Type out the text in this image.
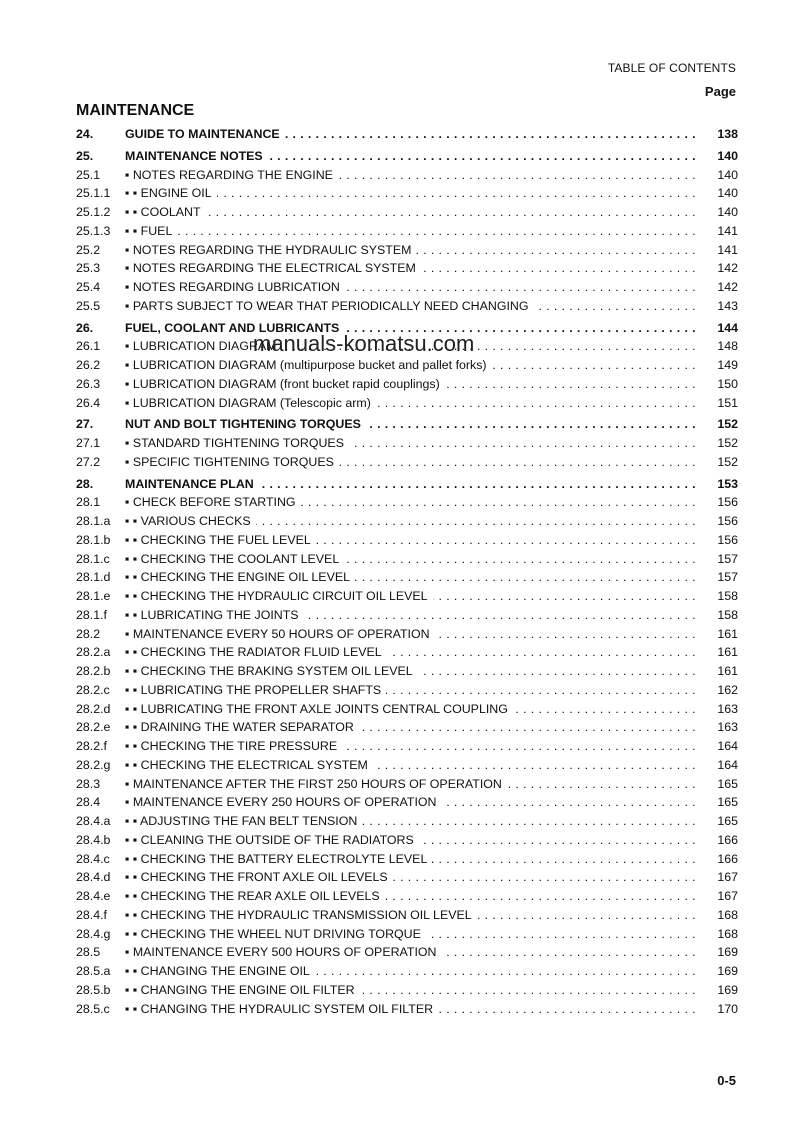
TABLE OF CONTENTS
Page
MAINTENANCE
24.	GUIDE TO MAINTENANCE . . .	138
25.	MAINTENANCE NOTES . . .	140
25.1	▪ NOTES REGARDING THE ENGINE . . .	140
25.1.1	▪ ▪ ENGINE OIL . . .	140
25.1.2	▪ ▪ COOLANT . . .	140
25.1.3	▪ ▪ FUEL . . .	141
25.2	▪ NOTES REGARDING THE HYDRAULIC SYSTEM . . .	141
25.3	▪ NOTES REGARDING THE ELECTRICAL SYSTEM . . .	142
25.4	▪ NOTES REGARDING LUBRICATION . . .	142
25.5	▪ PARTS SUBJECT TO WEAR THAT PERIODICALLY NEED CHANGING . . .	143
26.	FUEL, COOLANT AND LUBRICANTS . . .	144
26.1	▪ LUBRICATION DIAGRAM . . .	148
26.2	▪ LUBRICATION DIAGRAM (multipurpose bucket and pallet forks) . . .	149
26.3	▪ LUBRICATION DIAGRAM (front bucket rapid couplings) . . .	150
26.4	▪ LUBRICATION DIAGRAM (Telescopic arm) . . .	151
27.	NUT AND BOLT TIGHTENING TORQUES . . .	152
27.1	▪ STANDARD TIGHTENING TORQUES . . .	152
27.2	▪ SPECIFIC TIGHTENING TORQUES . . .	152
28.	MAINTENANCE PLAN . . .	153
28.1	▪ CHECK BEFORE STARTING . . .	156
28.1.a	▪ ▪ VARIOUS CHECKS . . .	156
28.1.b	▪ ▪ CHECKING THE FUEL LEVEL . . .	156
28.1.c	▪ ▪ CHECKING THE COOLANT LEVEL . . .	157
28.1.d	▪ ▪ CHECKING THE ENGINE OIL LEVEL . . .	157
28.1.e	▪ ▪ CHECKING THE HYDRAULIC CIRCUIT OIL LEVEL . . .	158
28.1.f	▪ ▪ LUBRICATING THE JOINTS . . .	158
28.2	▪ MAINTENANCE EVERY 50 HOURS OF OPERATION . . .	161
28.2.a	▪ ▪ CHECKING THE RADIATOR FLUID LEVEL . . .	161
28.2.b	▪ ▪ CHECKING THE BRAKING SYSTEM OIL LEVEL . . .	161
28.2.c	▪ ▪ LUBRICATING THE PROPELLER SHAFTS . . .	162
28.2.d	▪ ▪ LUBRICATING THE FRONT AXLE JOINTS CENTRAL COUPLING . . .	163
28.2.e	▪ ▪ DRAINING THE WATER SEPARATOR . . .	163
28.2.f	▪ ▪ CHECKING THE TIRE PRESSURE . . .	164
28.2.g	▪ ▪ CHECKING THE ELECTRICAL SYSTEM . . .	164
28.3	▪ MAINTENANCE AFTER THE FIRST 250 HOURS OF OPERATION . . .	165
28.4	▪ MAINTENANCE EVERY 250 HOURS OF OPERATION . . .	165
28.4.a	▪ ▪ ADJUSTING THE FAN BELT TENSION . . .	165
28.4.b	▪ ▪ CLEANING THE OUTSIDE OF THE RADIATORS . . .	166
28.4.c	▪ ▪ CHECKING THE BATTERY ELECTROLYTE LEVEL . . .	166
28.4.d	▪ ▪ CHECKING THE FRONT AXLE OIL LEVELS . . .	167
28.4.e	▪ ▪ CHECKING THE REAR AXLE OIL LEVELS . . .	167
28.4.f	▪ ▪ CHECKING THE HYDRAULIC TRANSMISSION OIL LEVEL . . .	168
28.4.g	▪ ▪ CHECKING THE WHEEL NUT DRIVING TORQUE . . .	168
28.5	▪ MAINTENANCE EVERY 500 HOURS OF OPERATION . . .	169
28.5.a	▪ ▪ CHANGING THE ENGINE OIL . . .	169
28.5.b	▪ ▪ CHANGING THE ENGINE OIL FILTER . . .	169
28.5.c	▪ ▪ CHANGING THE HYDRAULIC SYSTEM OIL FILTER . . .	170
manuals-komatsu.com
0-5
